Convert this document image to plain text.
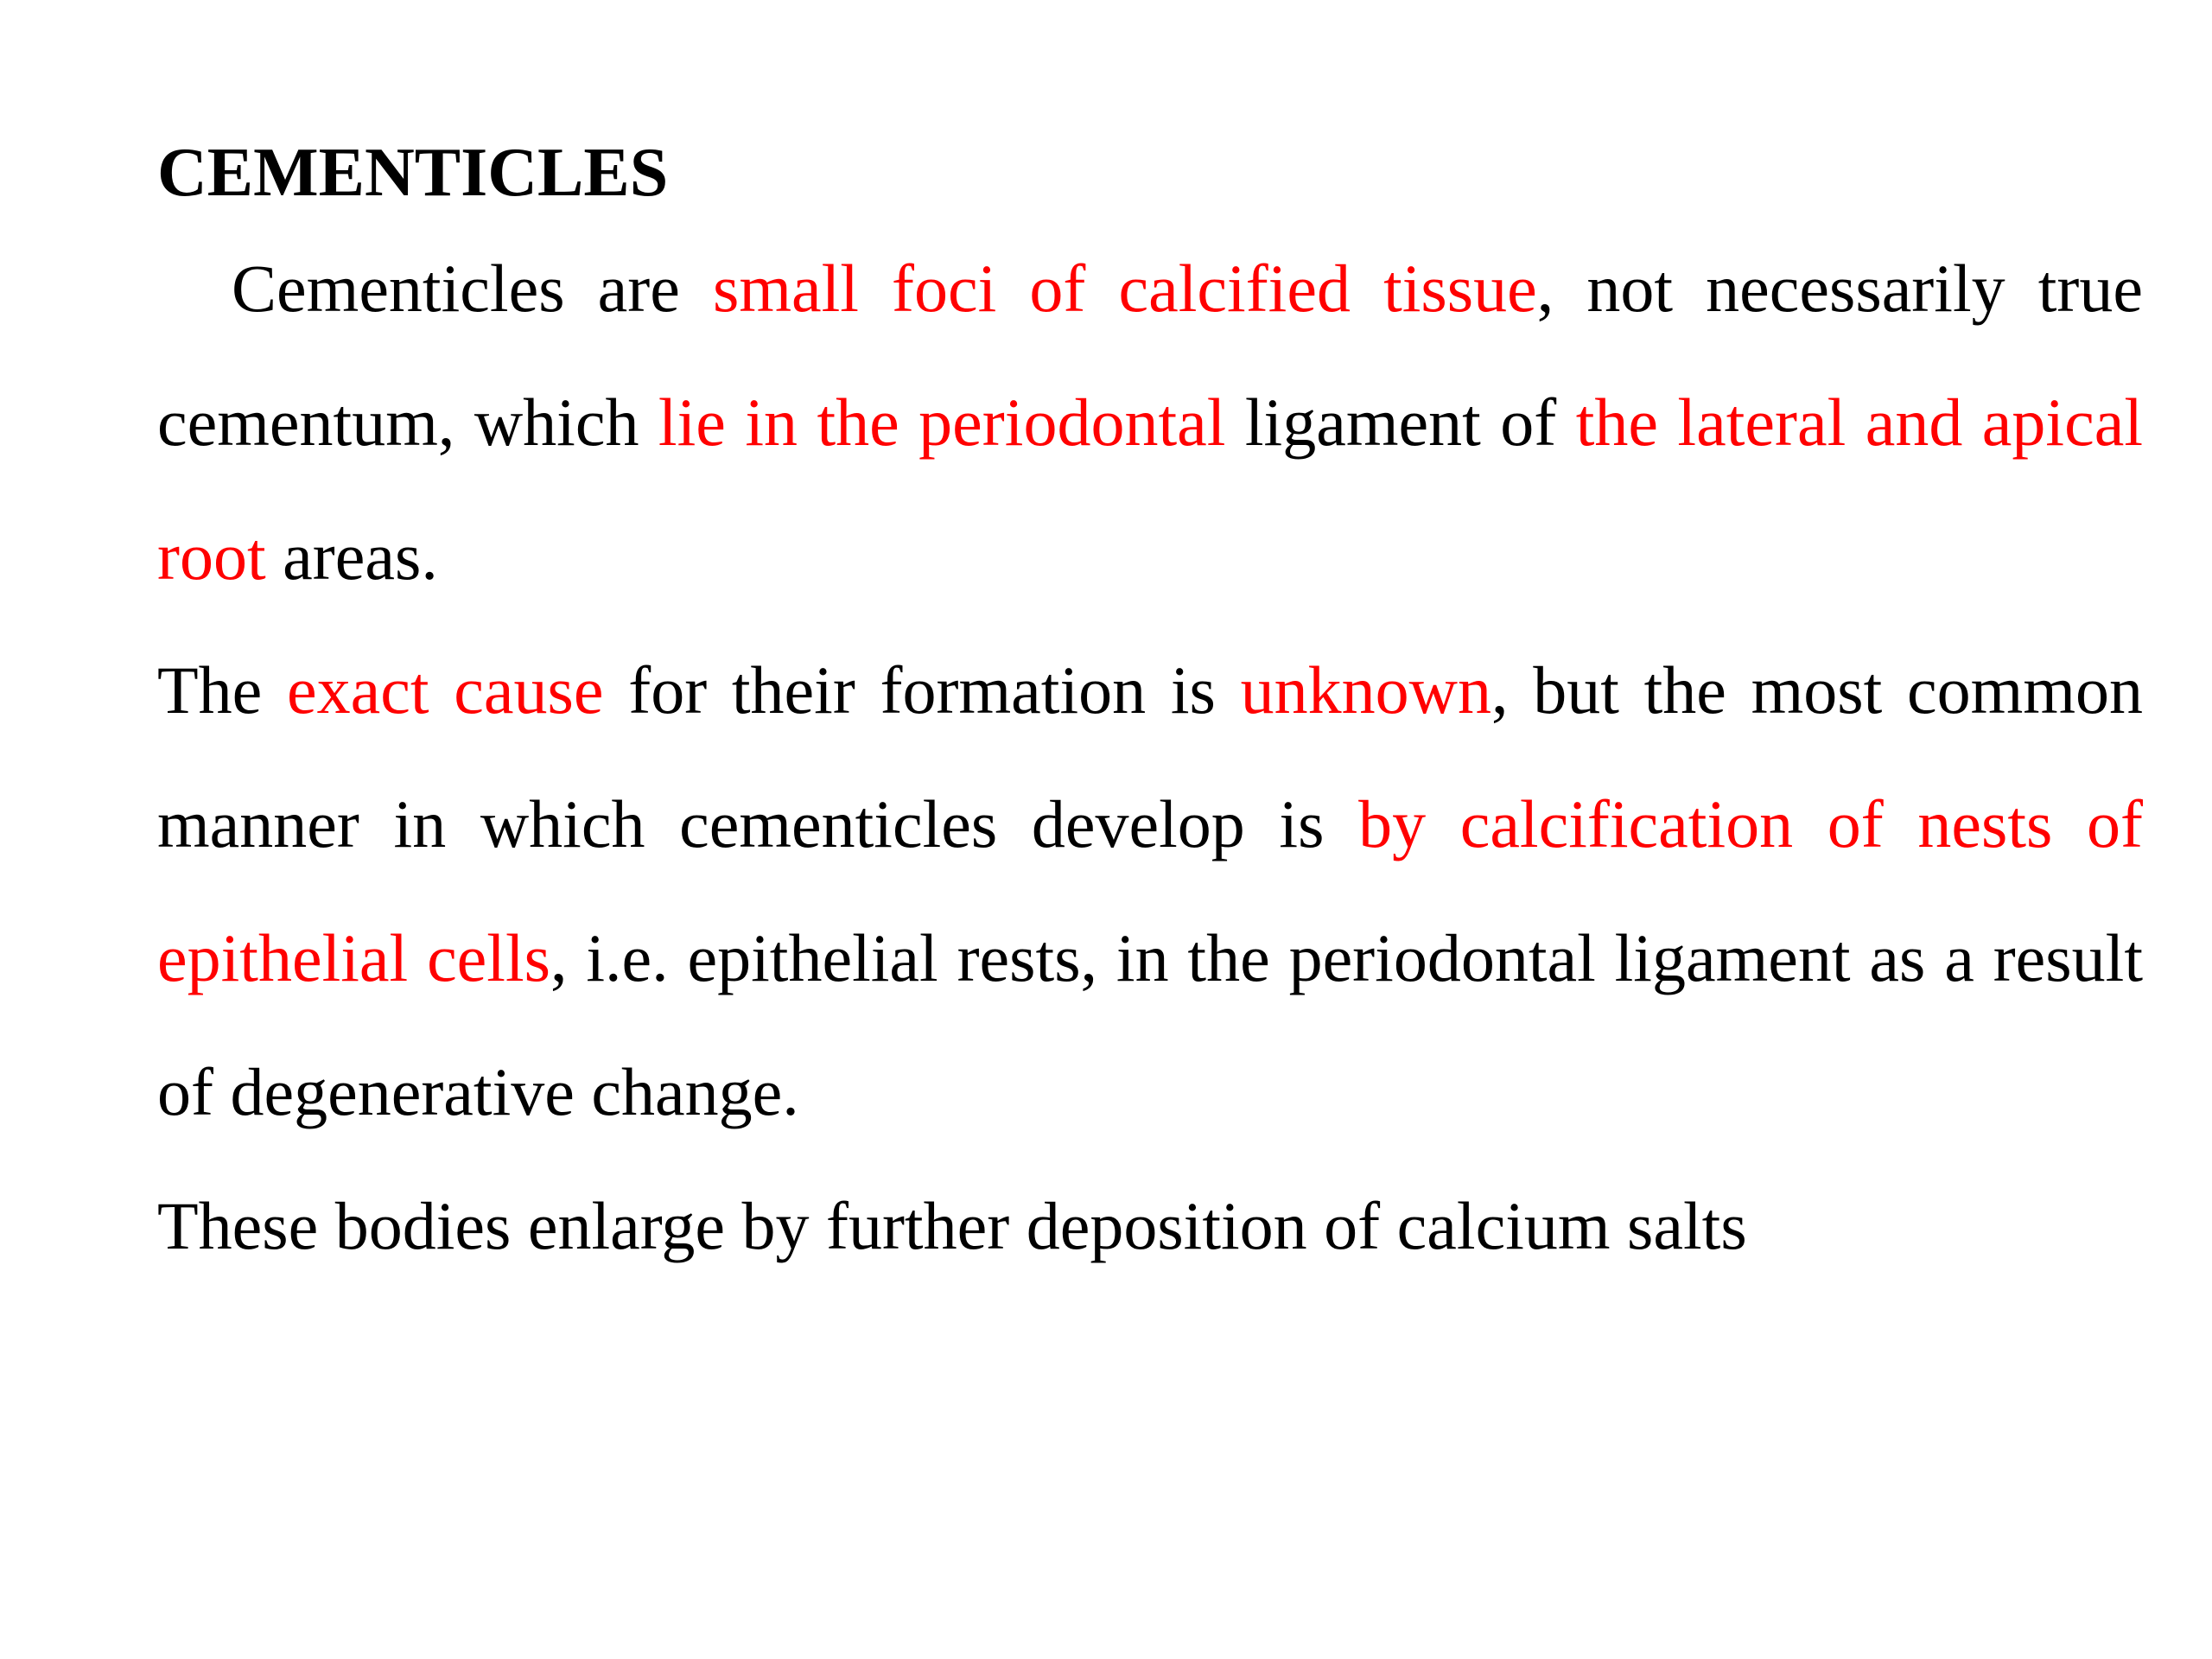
CEMENTICLES

Cementicles are small foci of calcified tissue, not necessarily true cementum, which lie in the periodontal ligament of the lateral and apical root areas.

The exact cause for their formation is unknown, but the most common manner in which cementicles develop is by calcification of nests of epithelial cells, i.e. epithelial rests, in the periodontal ligament as a result of degenerative change.

These bodies enlarge by further deposition of calcium salts
